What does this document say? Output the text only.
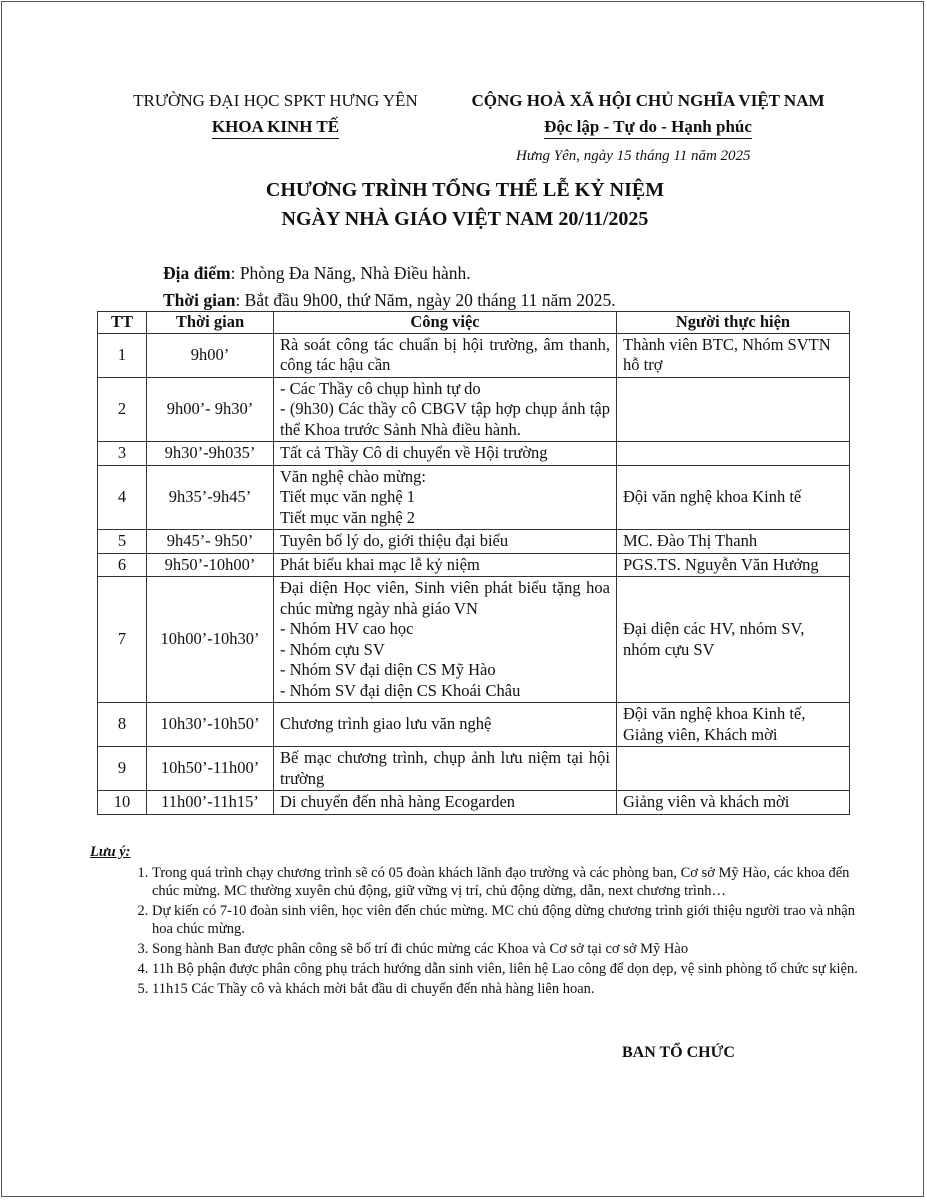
TRƯỜNG ĐẠI HỌC SPKT HƯNG YÊN
KHOA KINH TẾ
CỘNG HOÀ XÃ HỘI CHỦ NGHĨA VIỆT NAM
Độc lập - Tự do - Hạnh phúc
Hưng Yên, ngày 15 tháng 11 năm 2025
CHƯƠNG TRÌNH TỔNG THỂ LỄ KỶ NIỆM
NGÀY NHÀ GIÁO VIỆT NAM 20/11/2025
Địa điểm: Phòng Đa Năng, Nhà Điều hành.
Thời gian: Bắt đầu 9h00, thứ Năm, ngày 20 tháng 11 năm 2025.
TT	Thời gian	Công việc	Người thực hiện
1	9h00’	Rà soát công tác chuẩn bị hội trường, âm thanh, công tác hậu cần	Thành viên BTC, Nhóm SVTN hỗ trợ

2	9h00’- 9h30’	- Các Thầy cô chụp hình tự do
- (9h30) Các thầy cô CBGV tập hợp chụp ảnh tập thể Khoa trước Sảnh Nhà điều hành.	

3	9h30’-9h035’	Tất cả Thầy Cô di chuyển về Hội trường	

4	9h35’-9h45’	Văn nghệ chào mừng:
Tiết mục văn nghệ 1
Tiết mục văn nghệ 2	Đội văn nghệ khoa Kinh tế

5	9h45’- 9h50’	Tuyên bố lý do, giới thiệu đại biểu	MC. Đào Thị Thanh

6	9h50’-10h00’	Phát biểu khai mạc lễ kỷ niệm	PGS.TS. Nguyễn Văn Hưởng

7	10h00’-10h30’	Đại diện Học viên, Sinh viên phát biểu tặng hoa chúc mừng ngày nhà giáo VN
- Nhóm HV cao học
- Nhóm cựu SV
- Nhóm SV đại diện CS Mỹ Hào
- Nhóm SV đại diện CS Khoái Châu	Đại diện các HV, nhóm SV, nhóm cựu SV

8	10h30’-10h50’	Chương trình giao lưu văn nghệ	Đội văn nghệ khoa Kinh tế, Giảng viên, Khách mời

9	10h50’-11h00’	Bế mạc chương trình, chụp ảnh lưu niệm tại hội trường	

10	11h00’-11h15’	Di chuyển đến nhà hàng Ecogarden	Giảng viên và khách mời
Lưu ý:
1. Trong quá trình chạy chương trình sẽ có 05 đoàn khách lãnh đạo trường và các phòng ban, Cơ sở Mỹ Hào, các khoa đến chúc mừng. MC thường xuyên chủ động, giữ vững vị trí, chủ động dừng, dẫn, next chương trình…
2. Dự kiến có 7-10 đoàn sinh viên, học viên đến chúc mừng. MC chủ động dừng chương trình giới thiệu người trao và nhận hoa chúc mừng.
3. Song hành Ban được phân công sẽ bố trí đi chúc mừng các Khoa và Cơ sở tại cơ sở Mỹ Hào
4. 11h Bộ phận được phân công phụ trách hướng dẫn sinh viên, liên hệ Lao công để dọn dẹp, vệ sinh phòng tổ chức sự kiện.
5. 11h15 Các Thầy cô và khách mời bắt đầu di chuyển đến nhà hàng liên hoan.
BAN TỔ CHỨC
